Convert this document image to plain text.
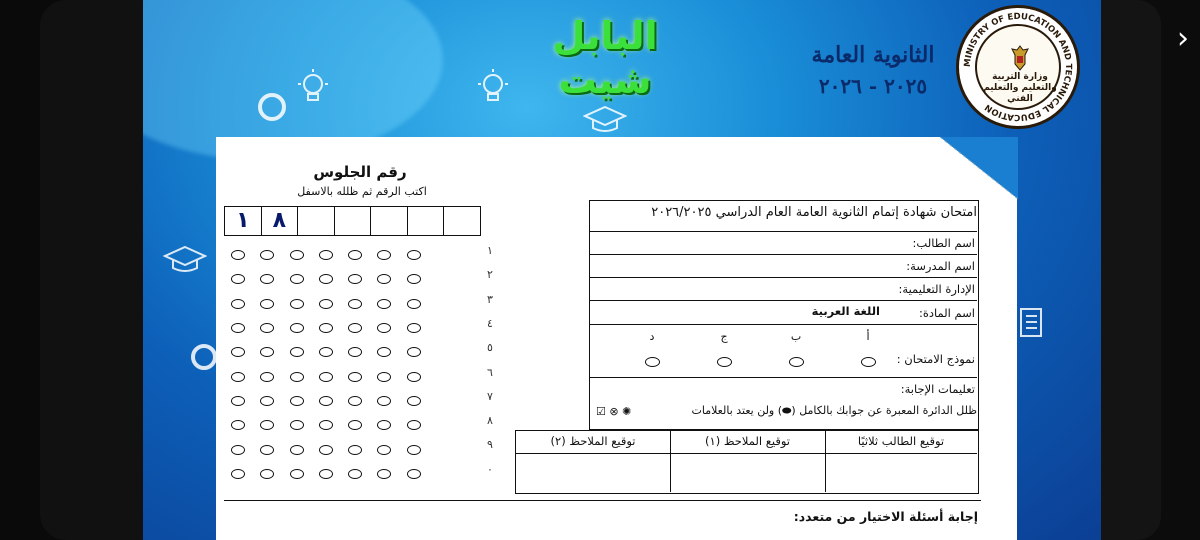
›
البابل شيت
الثانوية العامة
٢٠٢٥ - ٢٠٢٦
MINISTRY OF EDUCATION AND TECHNICAL EDUCATION
وزارة التربية والتعليم والتعليم الفني
رقم الجلوس
اكتب الرقم ثم ظلله بالاسفل
١	٨
١
٢
٣
٤
٥
٦
٧
٨
٩
٠
امتحان شهادة إتمام الثانوية العامة العام الدراسي ٢٠٢٦/٢٠٢٥
اسم الطالب:
اسم المدرسة:
الإدارة التعليمية:
اسم المادة:
اللغة العربية
نموذج الامتحان :
أ
ب
ج
د
تعليمات الإجابة:
ظلل الدائرة المعبرة عن جوابك بالكامل (⬬) ولن يعتد بالعلامات
☑ ⊗ ✺
توقيع الطالب ثلاثيًا
توقيع الملاحظ (١)
توقيع الملاحظ (٢)
إجابة أسئلة الاختيار من متعدد:
